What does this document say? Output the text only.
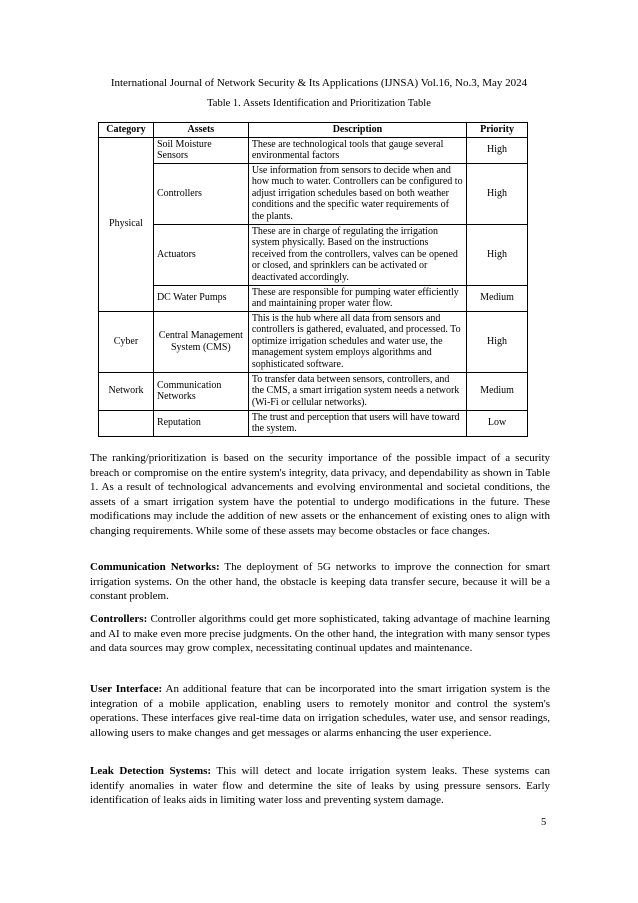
International Journal of Network Security & Its Applications (IJNSA) Vol.16, No.3, May 2024
Table 1. Assets Identification and Prioritization Table
Category	Assets	Description	Priority
Physical	Soil Moisture Sensors	These are technological tools that gauge several environmental factors	High
	Controllers	Use information from sensors to decide when and how much to water. Controllers can be configured to adjust irrigation schedules based on both weather conditions and the specific water requirements of the plants.	High
	Actuators	These are in charge of regulating the irrigation system physically. Based on the instructions received from the controllers, valves can be opened or closed, and sprinklers can be activated or deactivated accordingly.	High
	DC Water Pumps	These are responsible for pumping water efficiently and maintaining proper water flow.	Medium
Cyber	Central Management System (CMS)	This is the hub where all data from sensors and controllers is gathered, evaluated, and processed. To optimize irrigation schedules and water use, the management system employs algorithms and sophisticated software.	High
Network	Communication Networks	To transfer data between sensors, controllers, and the CMS, a smart irrigation system needs a network (Wi-Fi or cellular networks).	Medium
	Reputation	The trust and perception that users will have toward the system.	Low

The ranking/prioritization is based on the security importance of the possible impact of a security breach or compromise on the entire system's integrity, data privacy, and dependability as shown in Table 1. As a result of technological advancements and evolving environmental and societal conditions, the assets of a smart irrigation system have the potential to undergo modifications in the future. These modifications may include the addition of new assets or the enhancement of existing ones to align with changing requirements. While some of these assets may become obstacles or face changes.

Communication Networks: The deployment of 5G networks to improve the connection for smart irrigation systems. On the other hand, the obstacle is keeping data transfer secure, because it will be a constant problem.

Controllers: Controller algorithms could get more sophisticated, taking advantage of machine learning and AI to make even more precise judgments. On the other hand, the integration with many sensor types and data sources may grow complex, necessitating continual updates and maintenance.

User Interface: An additional feature that can be incorporated into the smart irrigation system is the integration of a mobile application, enabling users to remotely monitor and control the system's operations. These interfaces give real-time data on irrigation schedules, water use, and sensor readings, allowing users to make changes and get messages or alarms enhancing the user experience.

Leak Detection Systems: This will detect and locate irrigation system leaks. These systems can identify anomalies in water flow and determine the site of leaks by using pressure sensors. Early identification of leaks aids in limiting water loss and preventing system damage.

5
